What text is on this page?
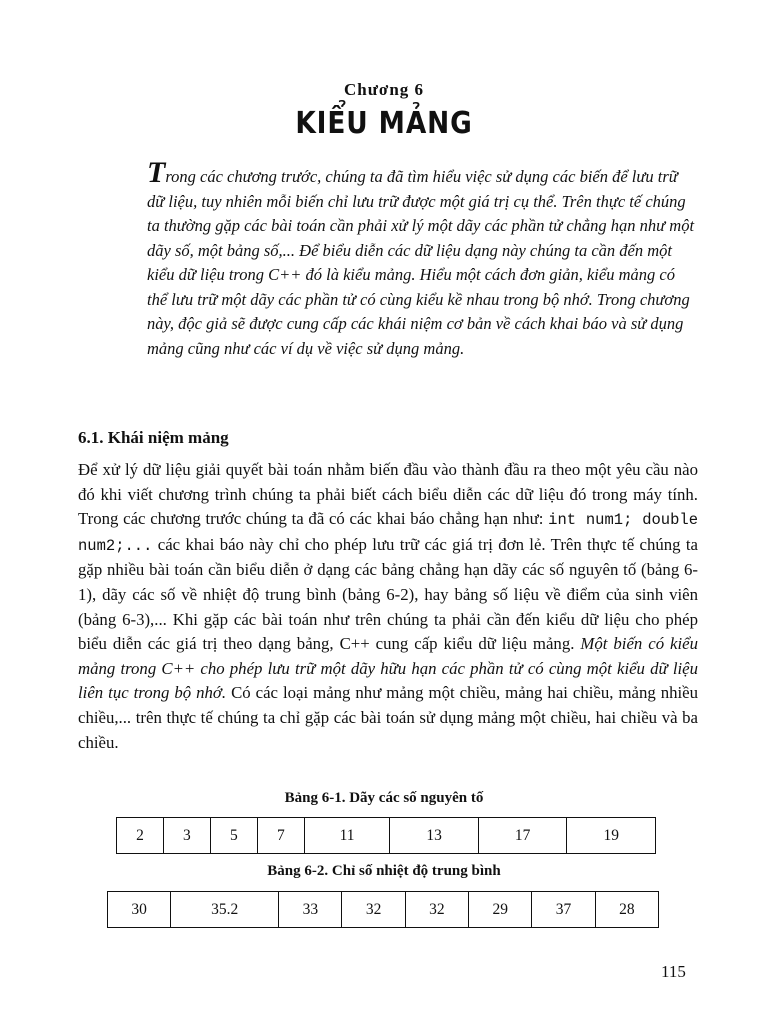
Chương 6
KIỂU MẢNG
Trong các chương trước, chúng ta đã tìm hiểu việc sử dụng các biến để lưu trữ dữ liệu, tuy nhiên mỗi biến chỉ lưu trữ được một giá trị cụ thể. Trên thực tế chúng ta thường gặp các bài toán cần phải xử lý một dãy các phần tử chẳng hạn như một dãy số, một bảng số,... Để biểu diễn các dữ liệu dạng này chúng ta cần đến một kiểu dữ liệu trong C++ đó là kiểu mảng. Hiểu một cách đơn giản, kiểu mảng có thể lưu trữ một dãy các phần tử có cùng kiểu kề nhau trong bộ nhớ. Trong chương này, độc giả sẽ được cung cấp các khái niệm cơ bản về cách khai báo và sử dụng mảng cũng như các ví dụ về việc sử dụng mảng.
6.1. Khái niệm mảng
Để xử lý dữ liệu giải quyết bài toán nhằm biến đầu vào thành đầu ra theo một yêu cầu nào đó khi viết chương trình chúng ta phải biết cách biểu diễn các dữ liệu đó trong máy tính. Trong các chương trước chúng ta đã có các khai báo chẳng hạn như: int num1; double num2;... các khai báo này chỉ cho phép lưu trữ các giá trị đơn lẻ. Trên thực tế chúng ta gặp nhiều bài toán cần biểu diễn ở dạng các bảng chẳng hạn dãy các số nguyên tố (bảng 6-1), dãy các số về nhiệt độ trung bình (bảng 6-2), hay bảng số liệu về điểm của sinh viên (bảng 6-3),... Khi gặp các bài toán như trên chúng ta phải cần đến kiểu dữ liệu cho phép biểu diễn các giá trị theo dạng bảng, C++ cung cấp kiểu dữ liệu mảng. Một biến có kiểu mảng trong C++ cho phép lưu trữ một dãy hữu hạn các phần tử có cùng một kiểu dữ liệu liên tục trong bộ nhớ. Có các loại mảng như mảng một chiều, mảng hai chiều, mảng nhiều chiều,... trên thực tế chúng ta chỉ gặp các bài toán sử dụng mảng một chiều, hai chiều và ba chiều.
Bảng 6-1. Dãy các số nguyên tố
2	3	5	7	11	13	17	19
Bảng 6-2. Chỉ số nhiệt độ trung bình
30	35.2	33	32	32	29	37	28
115
